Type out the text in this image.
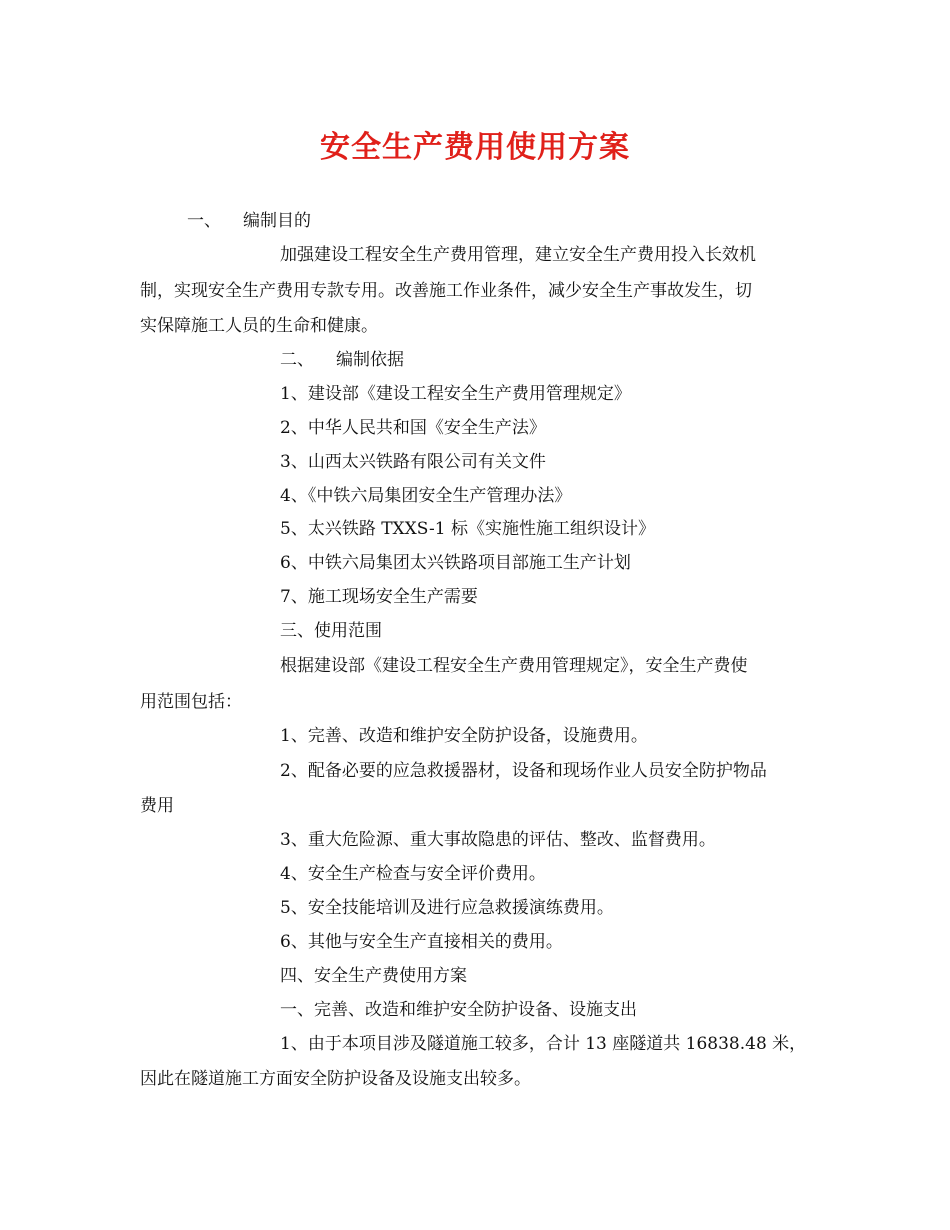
安全生产费用使用方案
一、 编制目的
加强建设工程安全生产费用管理，建立安全生产费用投入长效机
制，实现安全生产费用专款专用。改善施工作业条件，减少安全生产事故发生，切
实保障施工人员的生命和健康。
二、 编制依据
1、建设部《建设工程安全生产费用管理规定》
2、中华人民共和国《安全生产法》
3、山西太兴铁路有限公司有关文件
4、《中铁六局集团安全生产管理办法》
5、太兴铁路 TXXS-1 标《实施性施工组织设计》
6、中铁六局集团太兴铁路项目部施工生产计划
7、施工现场安全生产需要
三、使用范围
根据建设部《建设工程安全生产费用管理规定》，安全生产费使
用范围包括：
1、完善、改造和维护安全防护设备，设施费用。
2、配备必要的应急救援器材，设备和现场作业人员安全防护物品
费用
3、重大危险源、重大事故隐患的评估、整改、监督费用。
4、安全生产检查与安全评价费用。
5、安全技能培训及进行应急救援演练费用。
6、其他与安全生产直接相关的费用。
四、安全生产费使用方案
一、完善、改造和维护安全防护设备、设施支出
1、由于本项目涉及隧道施工较多，合计 13 座隧道共 16838.48 米，
因此在隧道施工方面安全防护设备及设施支出较多。
